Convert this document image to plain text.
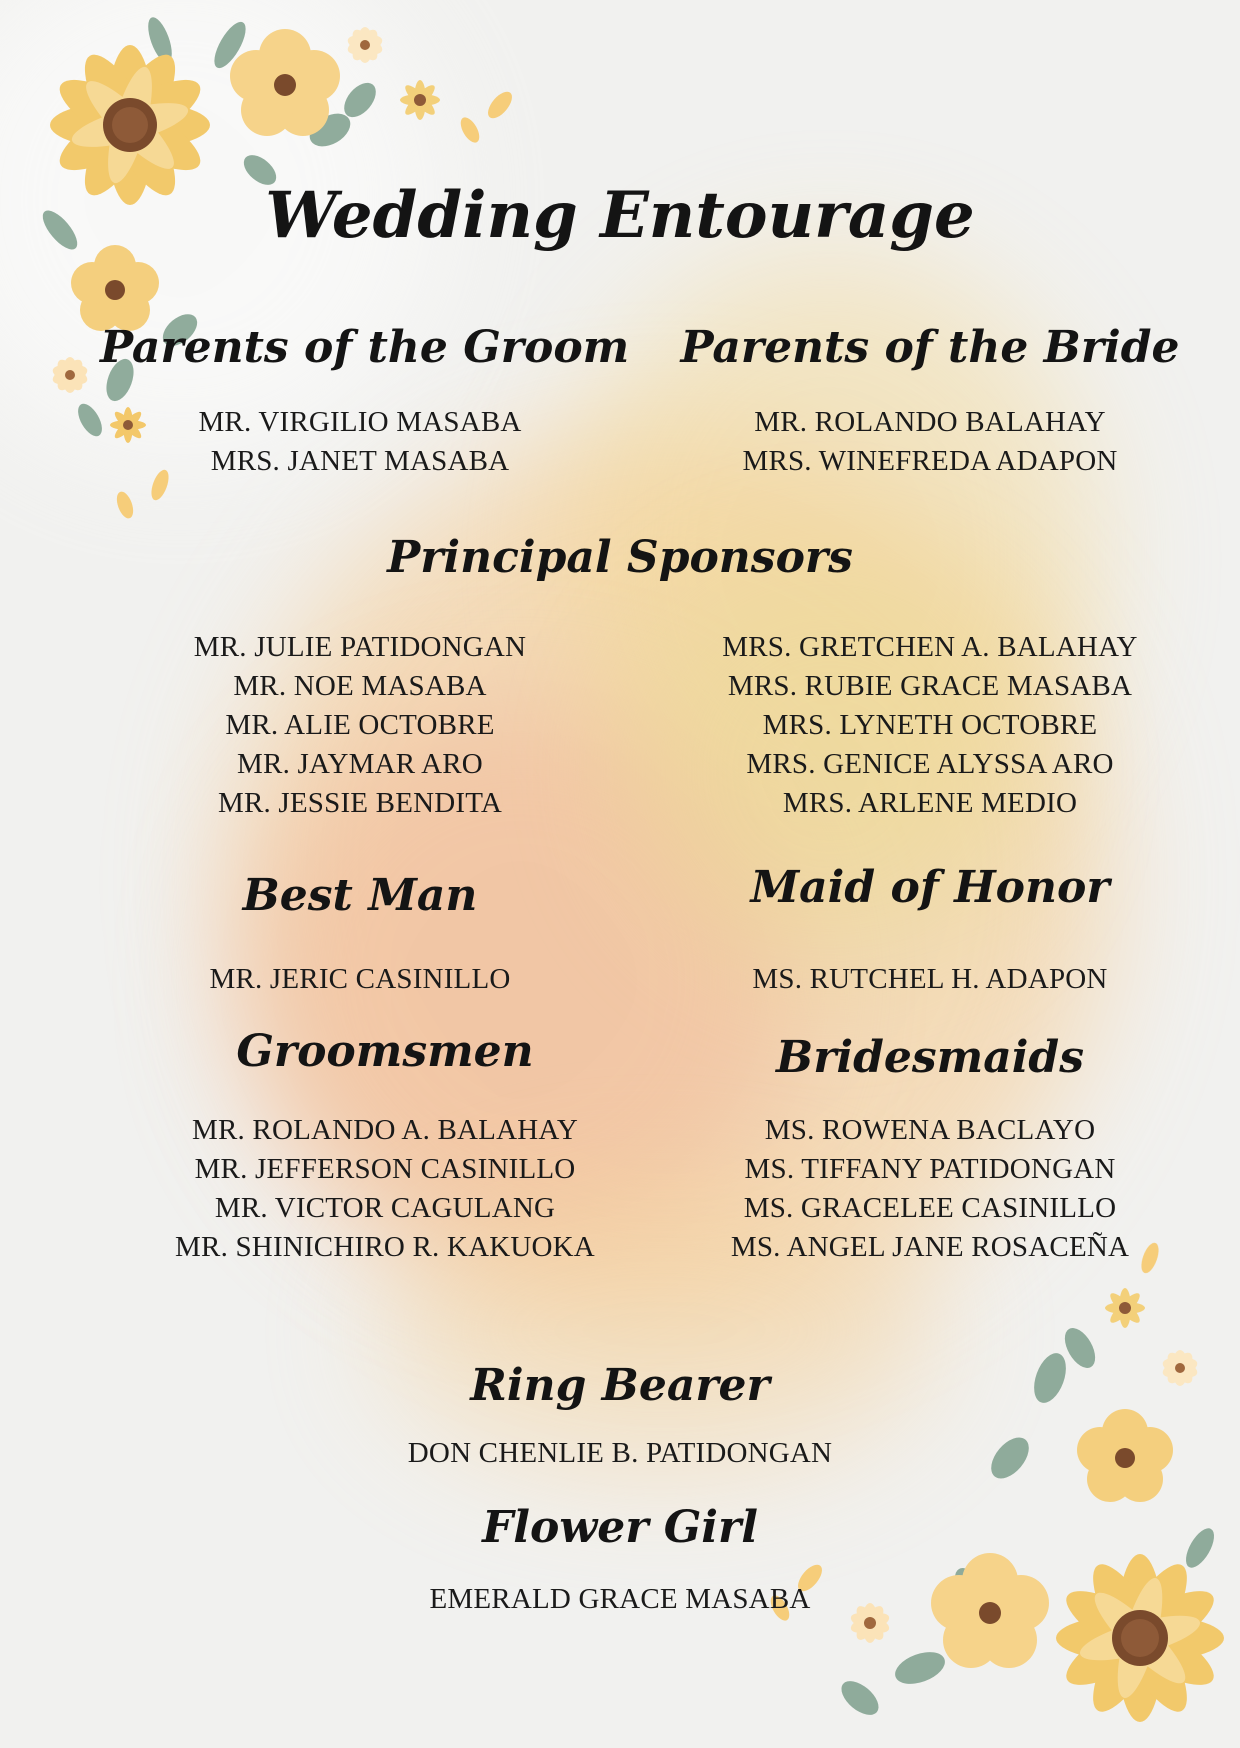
Wedding Entourage
Parents of the Groom
MR. VIRGILIO MASABA
MRS. JANET MASABA
Parents of the Bride
MR. ROLANDO BALAHAY
MRS. WINEFREDA ADAPON
Principal Sponsors
MR. JULIE PATIDONGAN
MR. NOE MASABA
MR. ALIE OCTOBRE
MR. JAYMAR ARO
MR. JESSIE BENDITA
MRS. GRETCHEN A. BALAHAY
MRS. RUBIE GRACE MASABA
MRS. LYNETH OCTOBRE
MRS. GENICE ALYSSA ARO
MRS. ARLENE MEDIO
Best Man
MR. JERIC CASINILLO
Maid of Honor
MS. RUTCHEL H. ADAPON
Groomsmen
MR. ROLANDO A. BALAHAY
MR. JEFFERSON CASINILLO
MR. VICTOR CAGULANG
MR. SHINICHIRO R. KAKUOKA
Bridesmaids
MS. ROWENA BACLAYO
MS. TIFFANY PATIDONGAN
MS. GRACELEE CASINILLO
MS. ANGEL JANE ROSACEÑA
Ring Bearer
DON CHENLIE B. PATIDONGAN
Flower Girl
EMERALD GRACE MASABA
